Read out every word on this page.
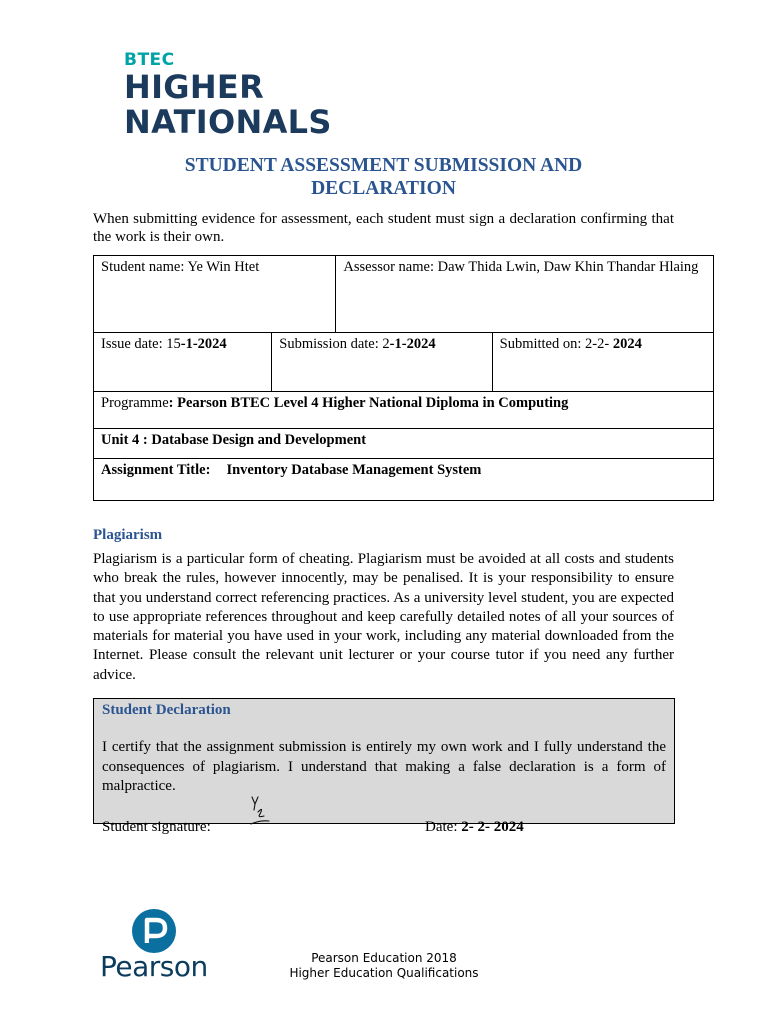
BTEC
HIGHER
NATIONALS
STUDENT ASSESSMENT SUBMISSION AND
DECLARATION
When submitting evidence for assessment, each student must sign a declaration confirming that the work is their own.
Student name: Ye Win Htet		Assessor name: Daw Thida Lwin, Daw Khin Thandar Hlaing	
Issue date: 15-1-2024	Submission date: 2-1-2024		Submitted on: 2-2- 2024
Programme: Pearson BTEC Level 4 Higher National Diploma in Computing			
Unit 4 : Database Design and Development			
Assignment Title: Inventory Database Management System			
Plagiarism
Plagiarism is a particular form of cheating. Plagiarism must be avoided at all costs and students who break the rules, however innocently, may be penalised. It is your responsibility to ensure that you understand correct referencing practices. As a university level student, you are expected to use appropriate references throughout and keep carefully detailed notes of all your sources of materials for material you have used in your work, including any material downloaded from the Internet. Please consult the relevant unit lecturer or your course tutor if you need any further advice.
Student Declaration
I certify that the assignment submission is entirely my own work and I fully understand the consequences of plagiarism. I understand that making a false declaration is a form of malpractice.
Student signature:	Date: 2- 2- 2024
Pearson	Pearson Education 2018
Higher Education Qualifications
